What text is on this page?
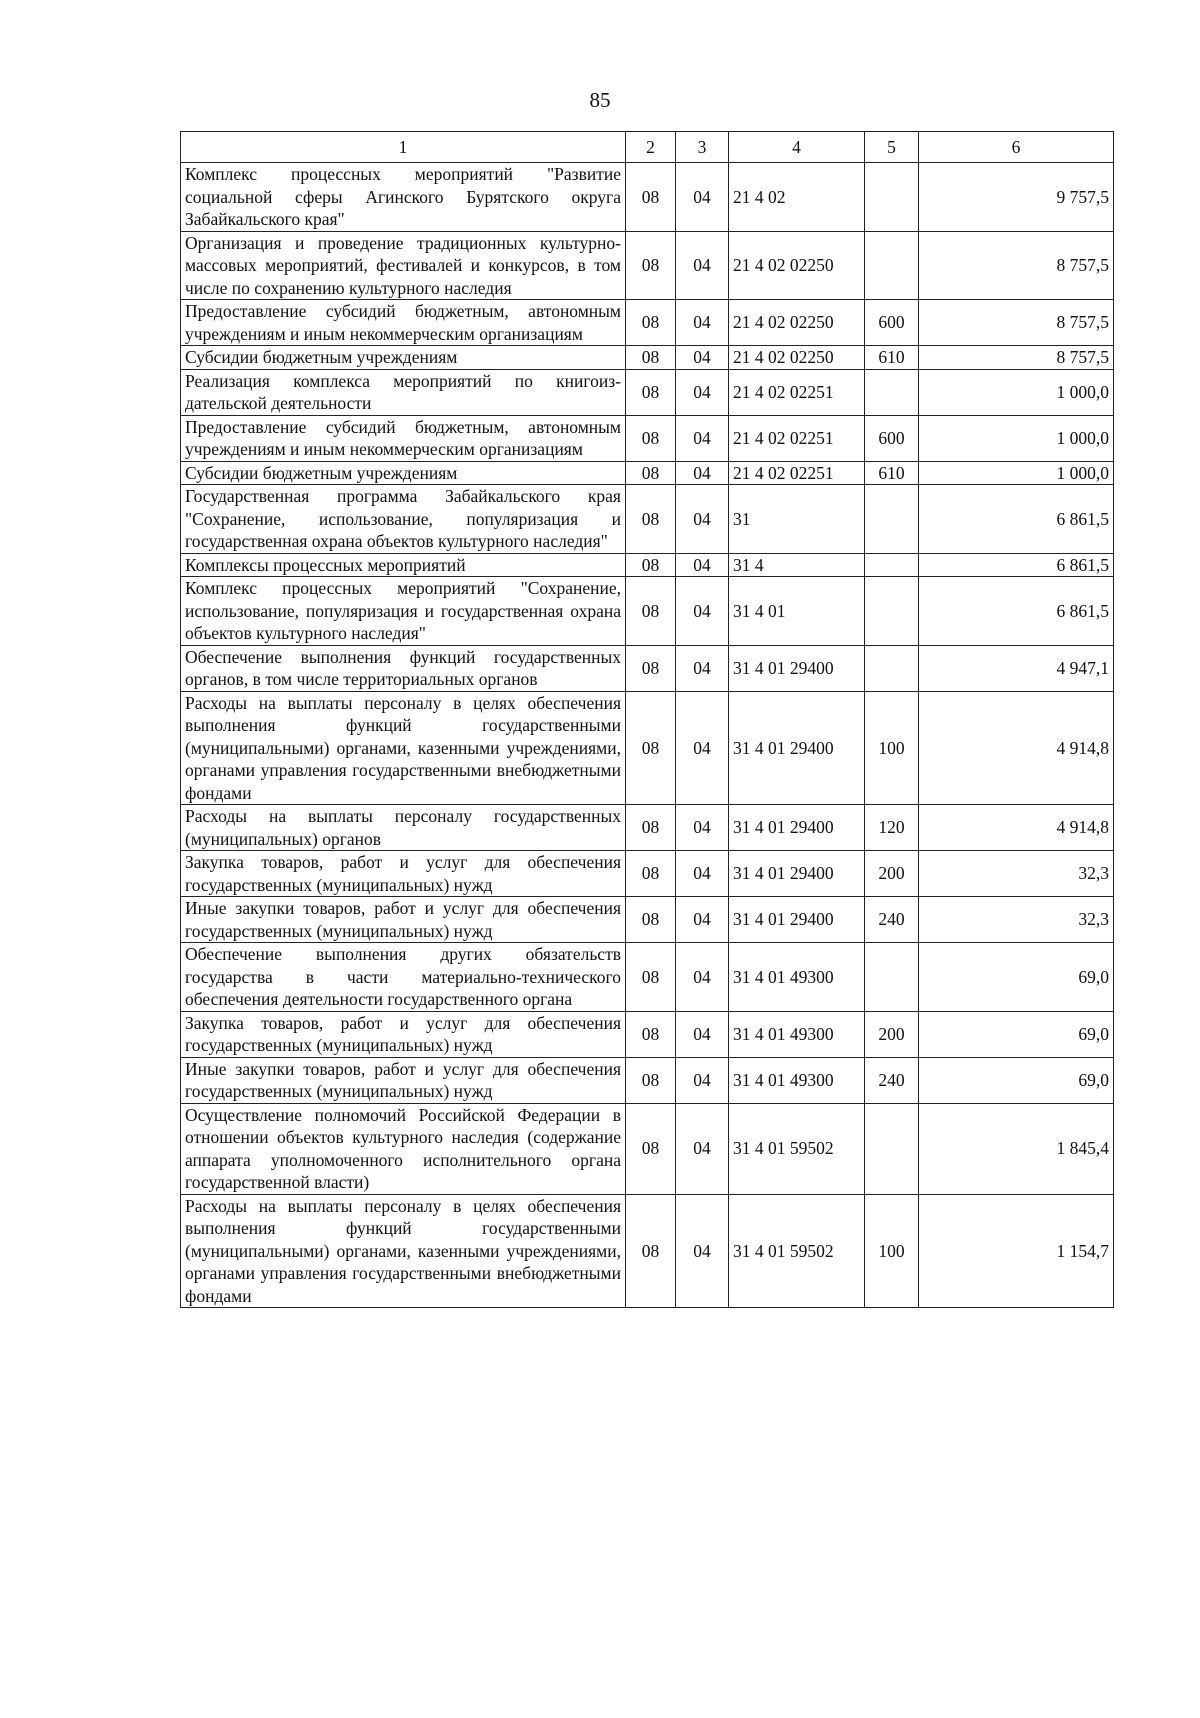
85
1	2	3	4	5	6
Комплекс процессных мероприятий "Развитие социальной сферы Агинского Бурятского округа Забайкальского края"	08	04	21 4 02		9 757,5
Организация и проведение традиционных культурно-массовых мероприятий, фестивалей и конкурсов, в том числе по сохранению культурного наследия	08	04	21 4 02 02250		8 757,5
Предоставление субсидий бюджетным, автономным учреждениям и иным некоммерческим организациям	08	04	21 4 02 02250	600	8 757,5
Субсидии бюджетным учреждениям	08	04	21 4 02 02250	610	8 757,5
Реализация комплекса мероприятий по книгоиздательской деятельности	08	04	21 4 02 02251		1 000,0
Предоставление субсидий бюджетным, автономным учреждениям и иным некоммерческим организациям	08	04	21 4 02 02251	600	1 000,0
Субсидии бюджетным учреждениям	08	04	21 4 02 02251	610	1 000,0
Государственная программа Забайкальского края "Сохранение, использование, популяризация и государственная охрана объектов культурного наследия"	08	04	31		6 861,5
Комплексы процессных мероприятий	08	04	31 4		6 861,5
Комплекс процессных мероприятий "Сохранение, использование, популяризация и государственная охрана объектов культурного наследия"	08	04	31 4 01		6 861,5
Обеспечение выполнения функций государственных органов, в том числе территориальных органов	08	04	31 4 01 29400		4 947,1
Расходы на выплаты персоналу в целях обеспечения выполнения функций государственными (муниципальными) органами, казенными учреждениями, органами управления государственными внебюджетными фондами	08	04	31 4 01 29400	100	4 914,8
Расходы на выплаты персоналу государственных (муниципальных) органов	08	04	31 4 01 29400	120	4 914,8
Закупка товаров, работ и услуг для обеспечения государственных (муниципальных) нужд	08	04	31 4 01 29400	200	32,3
Иные закупки товаров, работ и услуг для обеспечения государственных (муниципальных) нужд	08	04	31 4 01 29400	240	32,3
Обеспечение выполнения других обязательств государства в части материально-технического обеспечения деятельности государственного органа	08	04	31 4 01 49300		69,0
Закупка товаров, работ и услуг для обеспечения государственных (муниципальных) нужд	08	04	31 4 01 49300	200	69,0
Иные закупки товаров, работ и услуг для обеспечения государственных (муниципальных) нужд	08	04	31 4 01 49300	240	69,0
Осуществление полномочий Российской Федерации в отношении объектов культурного наследия (содержание аппарата уполномоченного исполнительного органа государственной власти)	08	04	31 4 01 59502		1 845,4
Расходы на выплаты персоналу в целях обеспечения выполнения функций государственными (муниципальными) органами, казенными учреждениями, органами управления государственными внебюджетными фондами	08	04	31 4 01 59502	100	1 154,7
